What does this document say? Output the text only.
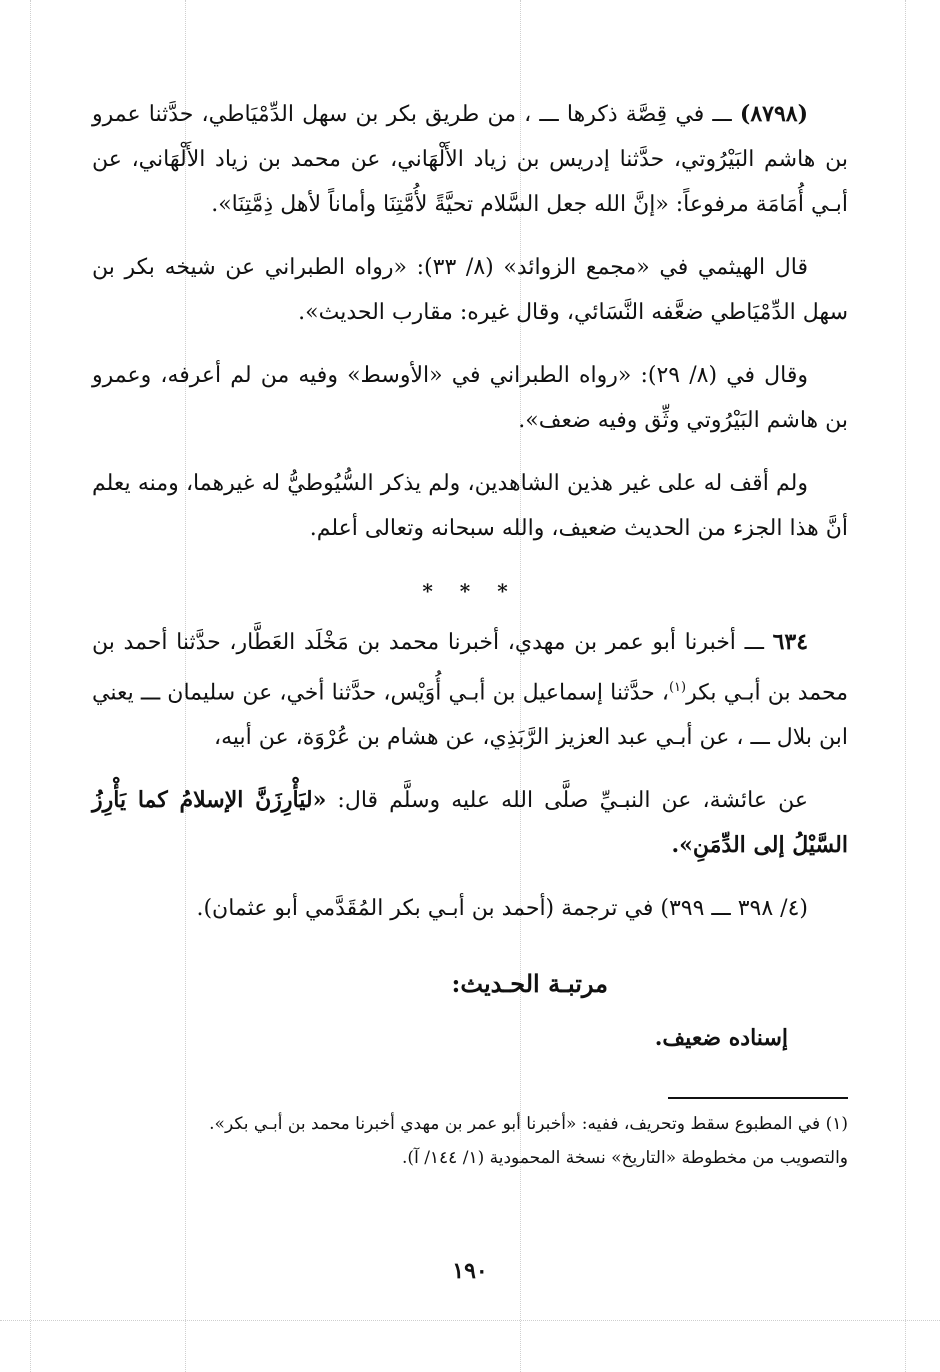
(٨٧٩٨) ـــ في قِصَّة ذكرها ـــ ، من طريق بكر بن سهل الدِّمْيَاطي، حدَّثنا عمرو بن هاشم البَيْرُوتي، حدَّثنا إدريس بن زياد الأَلْهَاني، عن محمد بن زياد الأَلْهَاني، عن أبـي أُمَامَة مرفوعاً: «إنَّ الله جعل السَّلام تحيَّةً لأُمَّتِنَا وأماناً لأهل ذِمَّتِنَا».

قال الهيثمي في «مجمع الزوائد» (٨/ ٣٣): «رواه الطبراني عن شيخه بكر بن سهل الدِّمْيَاطي ضعَّفه النَّسَائي، وقال غيره: مقارب الحديث».

وقال في (٨/ ٢٩): «رواه الطبراني في «الأوسط» وفيه من لم أعرفه، وعمرو بن هاشم البَيْرُوتي وثِّق وفيه ضعف».

ولم أقف له على غير هذين الشاهدين، ولم يذكر السُّيُوطيُّ له غيرهما، ومنه يعلم أنَّ هذا الجزء من الحديث ضعيف، والله سبحانه وتعالى أعلم.

* * *

٦٣٤ ـــ أخبرنا أبو عمر بن مهدي، أخبرنا محمد بن مَخْلَد العَطَّار، حدَّثنا أحمد بن محمد بن أبـي بكر$^{(١)}$، حدَّثنا إسماعيل بن أبـي أُوَيْس، حدَّثنا أخي، عن سليمان ـــ يعني ابن بلال ـــ ، عن أبـي عبد العزيز الرَّبَذِي، عن هشام بن عُرْوَة، عن أبيه،

عن عائشة، عن النبـيِّ صلَّى الله عليه وسلَّم قال: «ليَأْرِزَنَّ الإسلامُ كما يَأْرِزُ السَّيْلُ إلى الدِّمَنِ».

(٤/ ٣٩٨ ـــ ٣٩٩) في ترجمة (أحمد بن أبـي بكر المُقَدَّمي أبو عثمان).

مرتبـة الحـديث:
إسناده ضعيف.

(١) في المطبوع سقط وتحريف، ففيه: «أخبرنا أبو عمر بن مهدي أخبرنا محمد بن أبـي بكر».

والتصويب من مخطوطة «التاريخ» نسخة المحمودية (١/ ١٤٤/ آ).

١٩٠
